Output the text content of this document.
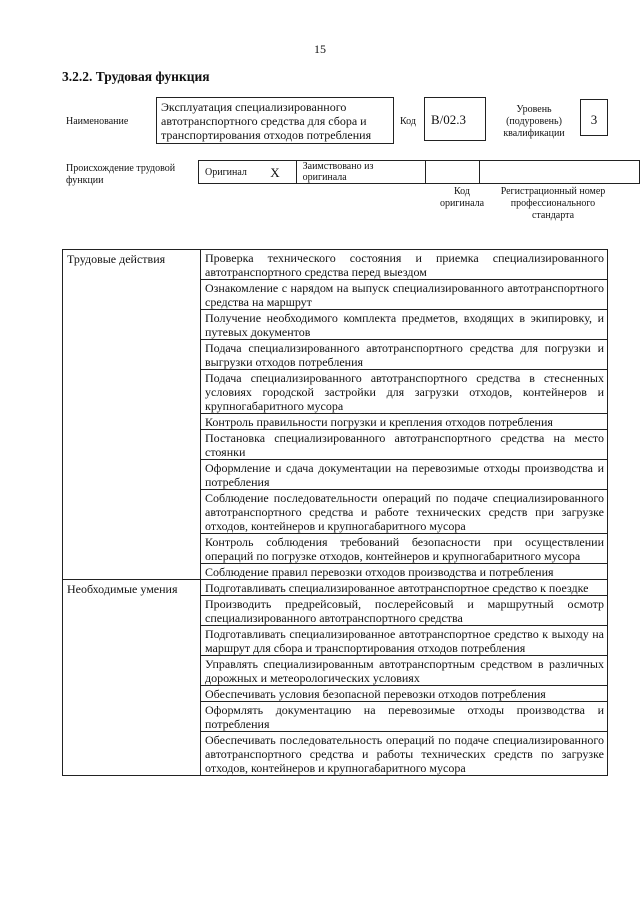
15
3.2.2. Трудовая функция
Наименование
Эксплуатация специализированного автотранспортного средства для сбора и транспортирования отходов потребления
Код	В/02.3
Уровень (подуровень) квалификации
3
Происхождение трудовой функции
Оригинал	X	Заимствовано из оригинала		
Код оригинала
Регистрационный номер профессионального стандарта
Трудовые действия	Проверка технического состояния и приемка специализированного автотранспортного средства перед выездом
	Ознакомление с нарядом на выпуск специализированного автотранспортного средства на маршрут
	Получение необходимого комплекта предметов, входящих в экипировку, и путевых документов
	Подача специализированного автотранспортного средства для погрузки и выгрузки отходов потребления
	Подача специализированного автотранспортного средства в стесненных условиях городской застройки для загрузки отходов, контейнеров и крупногабаритного мусора
	Контроль правильности погрузки и крепления отходов потребления
	Постановка специализированного автотранспортного средства на место стоянки
	Оформление и сдача документации на перевозимые отходы производства и потребления
	Соблюдение последовательности операций по подаче специализированного автотранспортного средства и работе технических средств при загрузке отходов, контейнеров и крупногабаритного мусора
	Контроль соблюдения требований безопасности при осуществлении операций по погрузке отходов, контейнеров и крупногабаритного мусора
	Соблюдение правил перевозки отходов производства и потребления
Необходимые умения	Подготавливать специализированное автотранспортное средство к поездке
	Производить предрейсовый, послерейсовый и маршрутный осмотр специализированного автотранспортного средства
	Подготавливать специализированное автотранспортное средство к выходу на маршрут для сбора и транспортирования отходов потребления
	Управлять специализированным автотранспортным средством в различных дорожных и метеорологических условиях
	Обеспечивать условия безопасной перевозки отходов потребления
	Оформлять документацию на перевозимые отходы производства и потребления
	Обеспечивать последовательность операций по подаче специализированного автотранспортного средства и работы технических средств по загрузке отходов, контейнеров и крупногабаритного мусора
